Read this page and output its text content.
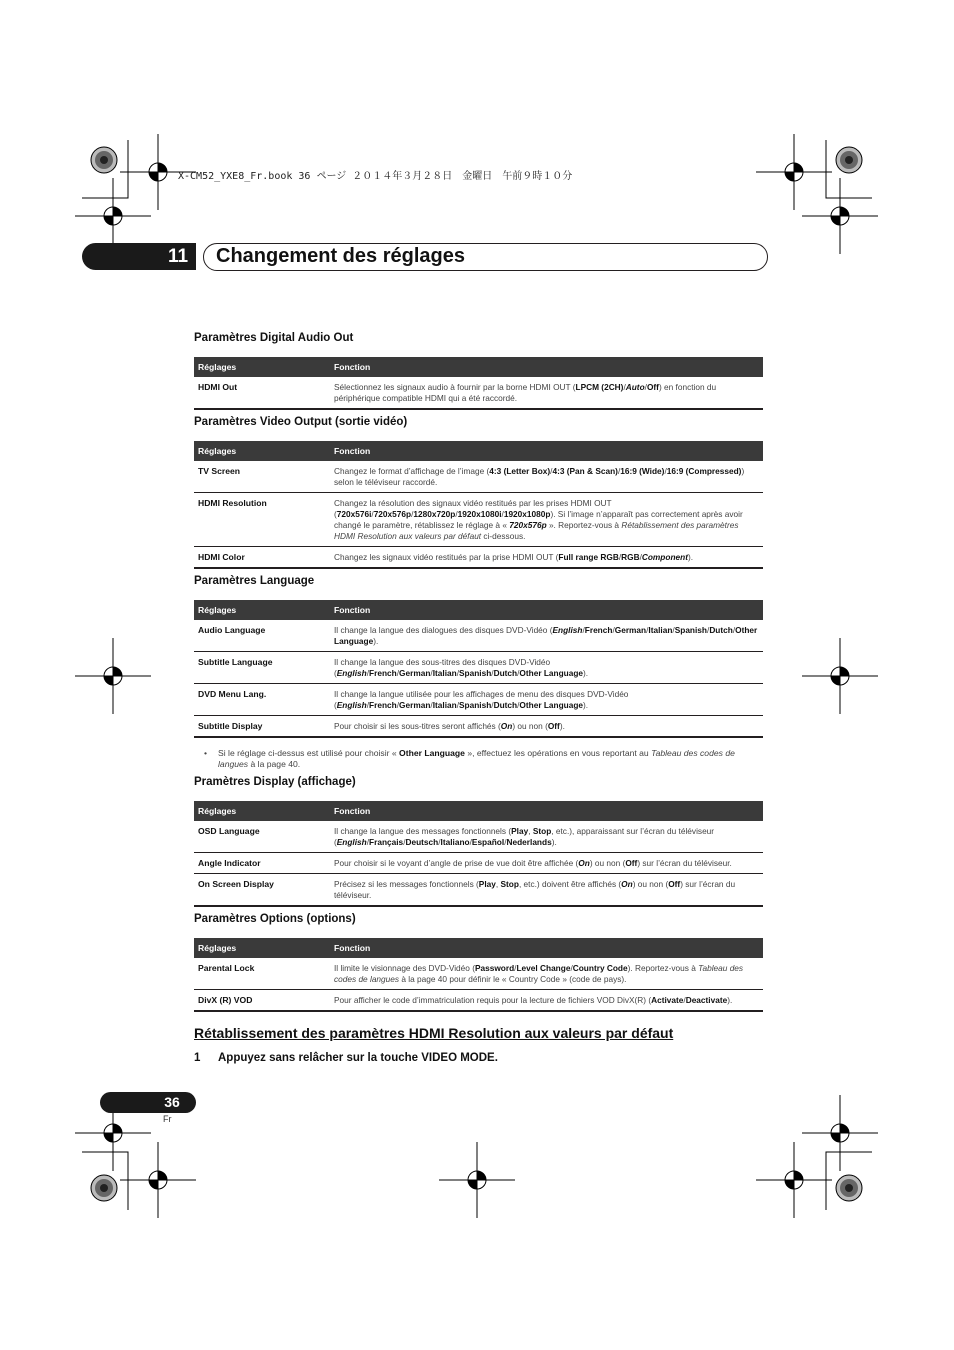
X-CM52_YXE8_Fr.book 36 ページ ２０１４年３月２８日　金曜日　午前９時１０分
11 Changement des réglages
Paramètres Digital Audio Out
Réglages	Fonction
HDMI Out	Sélectionnez les signaux audio à fournir par la borne HDMI OUT (LPCM (2CH)/Auto/Off) en fonction du périphérique compatible HDMI qui a été raccordé.
Paramètres Video Output (sortie vidéo)
Réglages	Fonction
TV Screen	Changez le format d’affichage de l’image (4:3 (Letter Box)/4:3 (Pan & Scan)/16:9 (Wide)/16:9 (Compressed)) selon le téléviseur raccordé.
HDMI Resolution	Changez la résolution des signaux vidéo restitués par les prises HDMI OUT (720x576i/720x576p/1280x720p/1920x1080i/1920x1080p). Si l’image n’apparaît pas correctement après avoir changé le paramètre, rétablissez le réglage à « 720x576p ». Reportez-vous à Rétablissement des paramètres HDMI Resolution aux valeurs par défaut ci-dessous.
HDMI Color	Changez les signaux vidéo restitués par la prise HDMI OUT (Full range RGB/RGB/Component).
Paramètres Language
Réglages	Fonction
Audio Language	Il change la langue des dialogues des disques DVD-Vidéo (English/French/German/Italian/Spanish/Dutch/Other Language).
Subtitle Language	Il change la langue des sous-titres des disques DVD-Vidéo (English/French/German/Italian/Spanish/Dutch/Other Language).
DVD Menu Lang.	Il change la langue utilisée pour les affichages de menu des disques DVD-Vidéo (English/French/German/Italian/Spanish/Dutch/Other Language).
Subtitle Display	Pour choisir si les sous-titres seront affichés (On) ou non (Off).
• Si le réglage ci-dessus est utilisé pour choisir « Other Language », effectuez les opérations en vous reportant au Tableau des codes de langues à la page 40.
Pramètres Display (affichage)
Réglages	Fonction
OSD Language	Il change la langue des messages fonctionnels (Play, Stop, etc.), apparaissant sur l’écran du téléviseur (English/Français/Deutsch/Italiano/Español/Nederlands).
Angle Indicator	Pour choisir si le voyant d’angle de prise de vue doit être affichée (On) ou non (Off) sur l’écran du téléviseur.
On Screen Display	Précisez si les messages fonctionnels (Play, Stop, etc.) doivent être affichés (On) ou non (Off) sur l’écran du téléviseur.
Paramètres Options (options)
Réglages	Fonction
Parental Lock	Il limite le visionnage des DVD-Vidéo (Password/Level Change/Country Code). Reportez-vous à Tableau des codes de langues à la page 40 pour définir le « Country Code » (code de pays).
DivX (R) VOD	Pour afficher le code d’immatriculation requis pour la lecture de fichiers VOD DivX(R) (Activate/Deactivate).
Rétablissement des paramètres HDMI Resolution aux valeurs par défaut
1 Appuyez sans relâcher sur la touche VIDEO MODE.
36
Fr
